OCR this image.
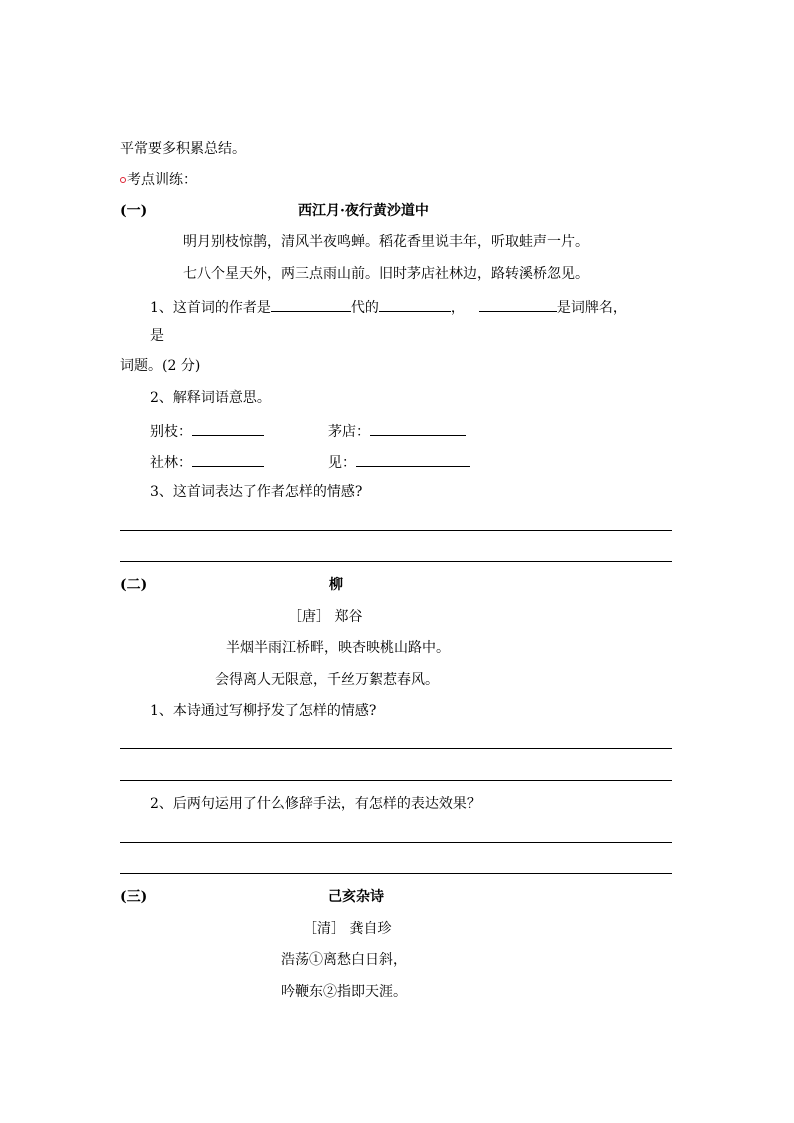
平常要多积累总结。
考点训练：
(一)	西江月·夜行黄沙道中
明月别枝惊鹊，清风半夜鸣蝉。稻花香里说丰年，听取蛙声一片。
七八个星天外，两三点雨山前。旧时茅店社林边，路转溪桥忽见。
1、这首词的作者是	代的	，	是词牌名，
是
词题。(2 分)
2、解释词语意思。
别枝：	茅店：
社林：	见：
3、这首词表达了作者怎样的情感?
(二)	柳
［唐］ 郑谷
半烟半雨江桥畔，映杏映桃山路中。
会得离人无限意，千丝万絮惹春风。
1、本诗通过写柳抒发了怎样的情感?
2、后两句运用了什么修辞手法，有怎样的表达效果？
(三)	己亥杂诗
［清］ 龚自珍
浩荡①离愁白日斜，
吟鞭东②指即天涯。
